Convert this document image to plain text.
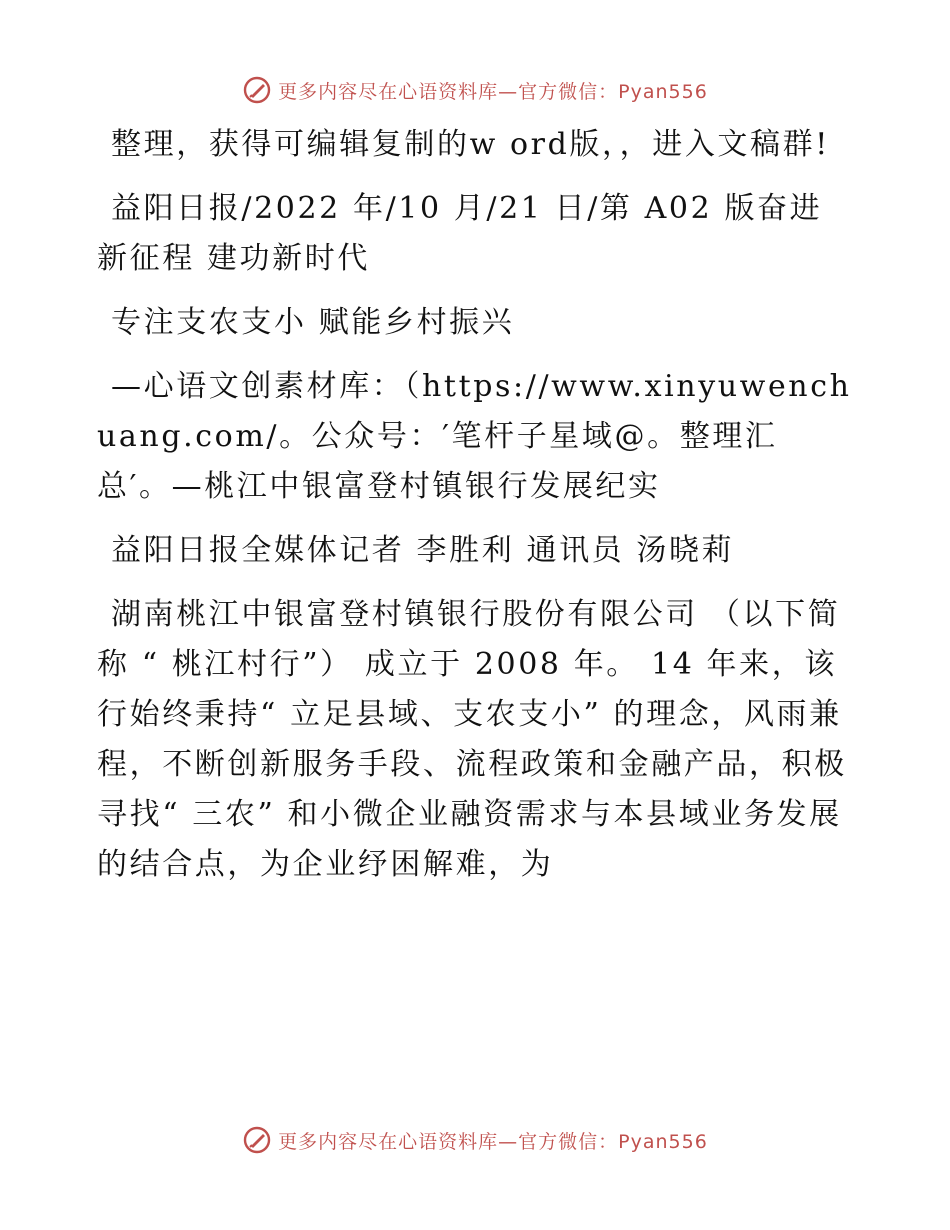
更多内容尽在心语资料库—官方微信：Pyan556

整理，获得可编辑复制的w ord版，，进入文稿群!

益阳日报/2022 年/10 月/21 日/第 A02 版奋进新征程 建功新时代

专注支农支小 赋能乡村振兴

—心语文创素材库：（https://www.xinyuwenchuang.com/。公众号：′笔杆子星域@。整理汇总′。—桃江中银富登村镇银行发展纪实

益阳日报全媒体记者 李胜利 通讯员 汤晓莉

湖南桃江中银富登村镇银行股份有限公司 （以下简称 “ 桃江村行”） 成立于 2008 年。 14 年来，该行始终秉持“ 立足县域、支农支小” 的理念，风雨兼程，不断创新服务手段、流程政策和金融产品，积极寻找“ 三农” 和小微企业融资需求与本县域业务发展的结合点，为企业纾困解难，为

更多内容尽在心语资料库—官方微信：Pyan556
